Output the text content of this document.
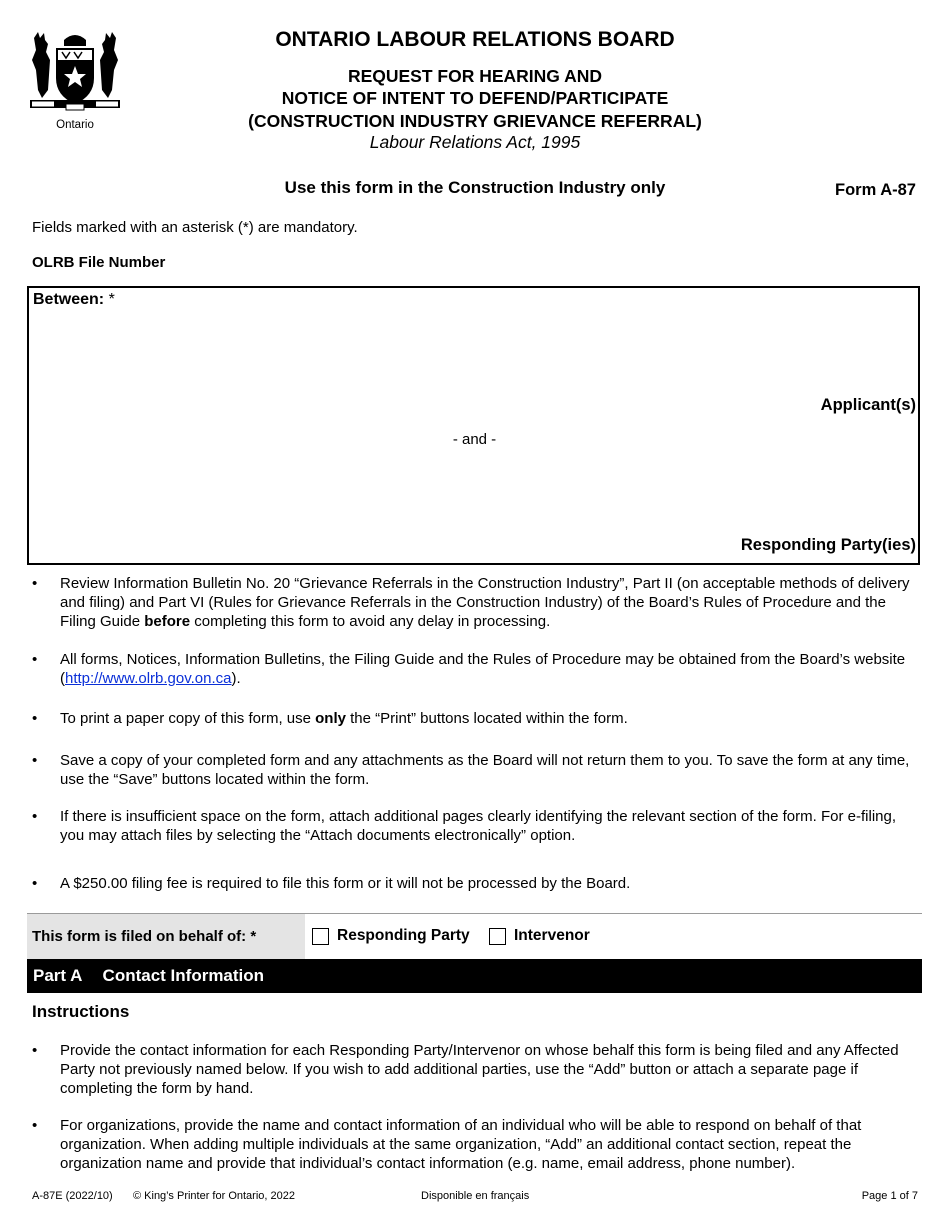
Ontario
ONTARIO LABOUR RELATIONS BOARD
REQUEST FOR HEARING AND
NOTICE OF INTENT TO DEFEND/PARTICIPATE
(CONSTRUCTION INDUSTRY GRIEVANCE REFERRAL)
Labour Relations Act, 1995
Use this form in the Construction Industry only	Form A-87
Fields marked with an asterisk (*) are mandatory.
OLRB File Number
Between: *
Applicant(s)
- and -
Responding Party(ies)
• Review Information Bulletin No. 20 “Grievance Referrals in the Construction Industry”, Part II (on acceptable methods of delivery and filing) and Part VI (Rules for Grievance Referrals in the Construction Industry) of the Board’s Rules of Procedure and the Filing Guide before completing this form to avoid any delay in processing.
• All forms, Notices, Information Bulletins, the Filing Guide and the Rules of Procedure may be obtained from the Board’s website (http://www.olrb.gov.on.ca).
• To print a paper copy of this form, use only the “Print” buttons located within the form.
• Save a copy of your completed form and any attachments as the Board will not return them to you. To save the form at any time, use the “Save” buttons located within the form.
• If there is insufficient space on the form, attach additional pages clearly identifying the relevant section of the form. For e-filing, you may attach files by selecting the “Attach documents electronically” option.
• A $250.00 filing fee is required to file this form or it will not be processed by the Board.
This form is filed on behalf of: *	Responding Party	Intervenor
Part A Contact Information
Instructions
• Provide the contact information for each Responding Party/Intervenor on whose behalf this form is being filed and any Affected Party not previously named below. If you wish to add additional parties, use the “Add” button or attach a separate page if completing the form by hand.
• For organizations, provide the name and contact information of an individual who will be able to respond on behalf of that organization. When adding multiple individuals at the same organization, “Add” an additional contact section, repeat the organization name and provide that individual’s contact information (e.g. name, email address, phone number).
A-87E (2022/10) © King’s Printer for Ontario, 2022	Disponible en français	Page 1 of 7
